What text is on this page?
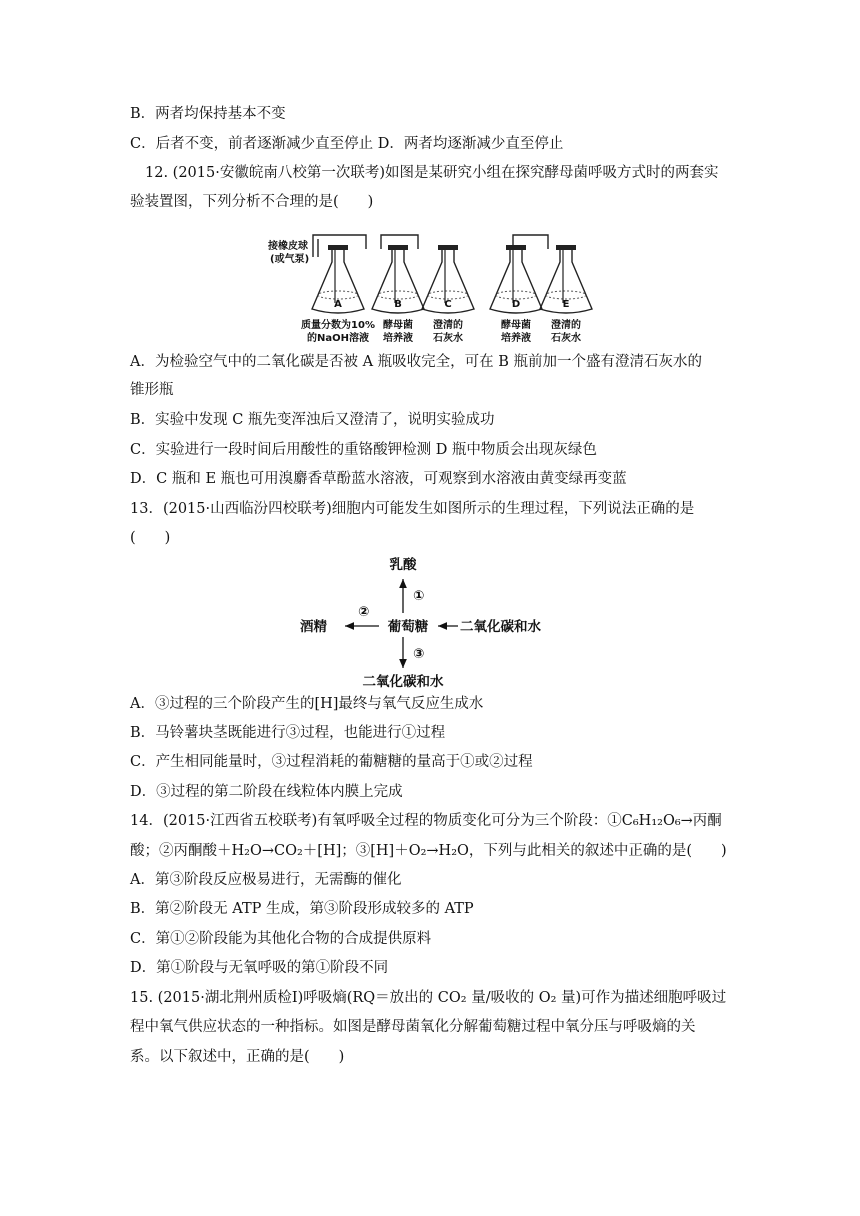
B．两者均保持基本不变
C．后者不变，前者逐渐减少直至停止 D．两者均逐渐减少直至停止
12. (2015·安徽皖南八校第一次联考)如图是某研究小组在探究酵母菌呼吸方式时的两套实
验装置图，下列分析不合理的是(　　)
A
质量分数为10%
的NaOH溶液
B
酵母菌
培养液
C
澄清的
石灰水
D
酵母菌
培养液
E
澄清的
石灰水
接橡皮球
(或气泵)
A．为检验空气中的二氧化碳是否被 A 瓶吸收完全，可在 B 瓶前加一个盛有澄清石灰水的
锥形瓶
B．实验中发现 C 瓶先变浑浊后又澄清了，说明实验成功
C．实验进行一段时间后用酸性的重铬酸钾检测 D 瓶中物质会出现灰绿色
D．C 瓶和 E 瓶也可用溴麝香草酚蓝水溶液，可观察到水溶液由黄变绿再变蓝
13．(2015·山西临汾四校联考)细胞内可能发生如图所示的生理过程，下列说法正确的是
(　　)
乳酸
酒精	葡萄糖 二氧化碳和水
二氧化碳和水
①
②
③
A．③过程的三个阶段产生的[H]最终与氧气反应生成水
B．马铃薯块茎既能进行③过程，也能进行①过程
C．产生相同能量时，③过程消耗的葡糖糖的量高于①或②过程
D．③过程的第二阶段在线粒体内膜上完成
14．(2015·江西省五校联考)有氧呼吸全过程的物质变化可分为三个阶段：①C₆H₁₂O₆→丙酮
酸；②丙酮酸＋H₂O→CO₂＋[H]；③[H]＋O₂→H₂O，下列与此相关的叙述中正确的是(　　)
A．第③阶段反应极易进行，无需酶的催化
B．第②阶段无 ATP 生成，第③阶段形成较多的 ATP
C．第①②阶段能为其他化合物的合成提供原料
D．第①阶段与无氧呼吸的第①阶段不同
15. (2015·湖北荆州质检Ⅰ)呼吸熵(RQ＝放出的 CO₂ 量/吸收的 O₂ 量)可作为描述细胞呼吸过
程中氧气供应状态的一种指标。如图是酵母菌氧化分解葡萄糖过程中氧分压与呼吸熵的关
系。以下叙述中，正确的是(　　)
